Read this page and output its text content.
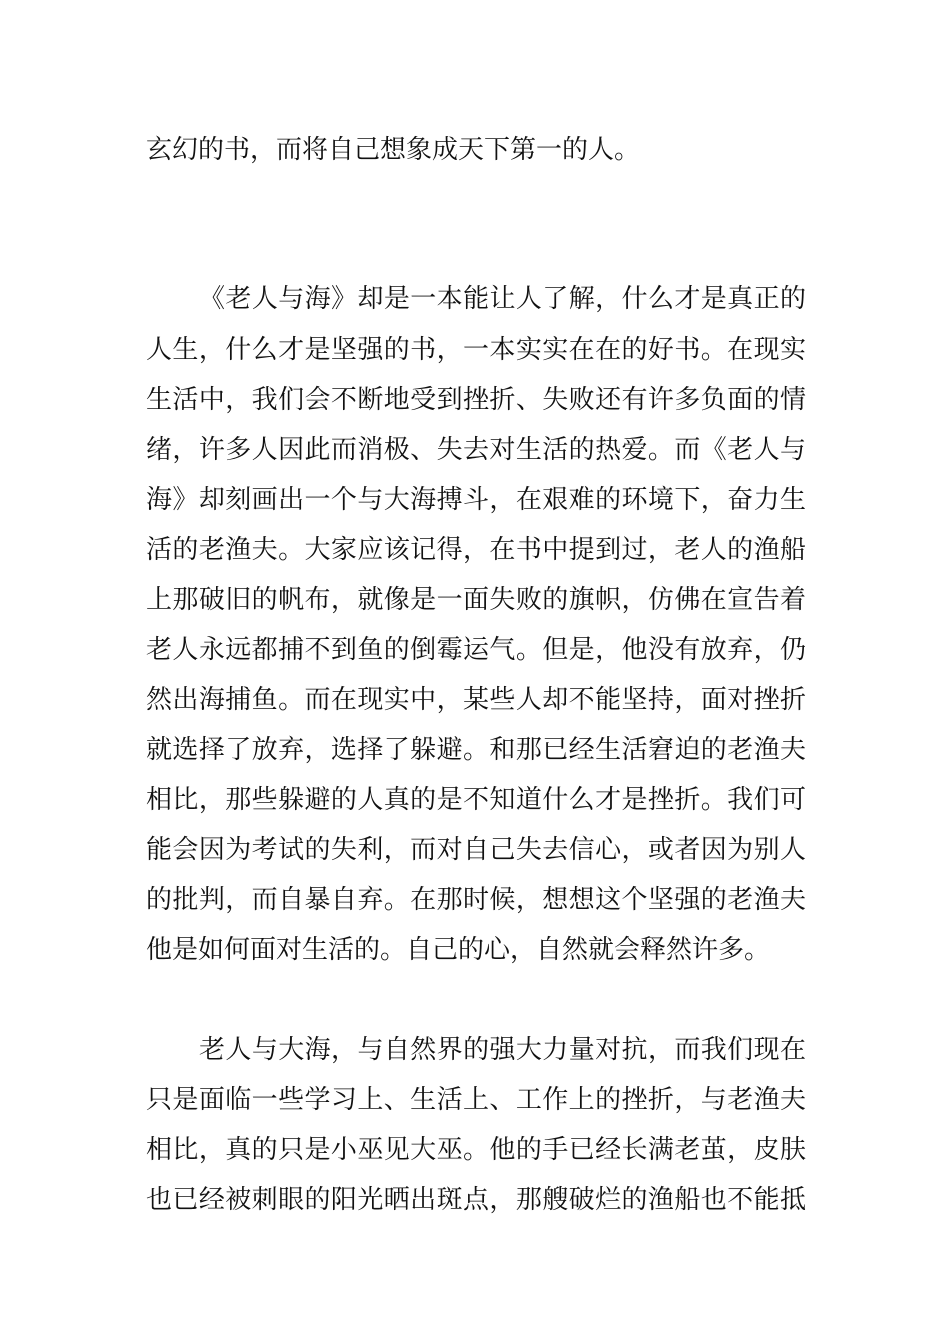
玄幻的书，而将自己想象成天下第一的人。
《老人与海》却是一本能让人了解，什么才是真正的
人生，什么才是坚强的书，一本实实在在的好书。在现实
生活中，我们会不断地受到挫折、失败还有许多负面的情
绪，许多人因此而消极、失去对生活的热爱。而《老人与
海》却刻画出一个与大海搏斗，在艰难的环境下，奋力生
活的老渔夫。大家应该记得，在书中提到过，老人的渔船
上那破旧的帆布，就像是一面失败的旗帜，仿佛在宣告着
老人永远都捕不到鱼的倒霉运气。但是，他没有放弃，仍
然出海捕鱼。而在现实中，某些人却不能坚持，面对挫折
就选择了放弃，选择了躲避。和那已经生活窘迫的老渔夫
相比，那些躲避的人真的是不知道什么才是挫折。我们可
能会因为考试的失利，而对自己失去信心，或者因为别人
的批判，而自暴自弃。在那时候，想想这个坚强的老渔夫
他是如何面对生活的。自己的心，自然就会释然许多。
老人与大海，与自然界的强大力量对抗，而我们现在
只是面临一些学习上、生活上、工作上的挫折，与老渔夫
相比，真的只是小巫见大巫。他的手已经长满老茧，皮肤
也已经被刺眼的阳光晒出斑点，那艘破烂的渔船也不能抵
